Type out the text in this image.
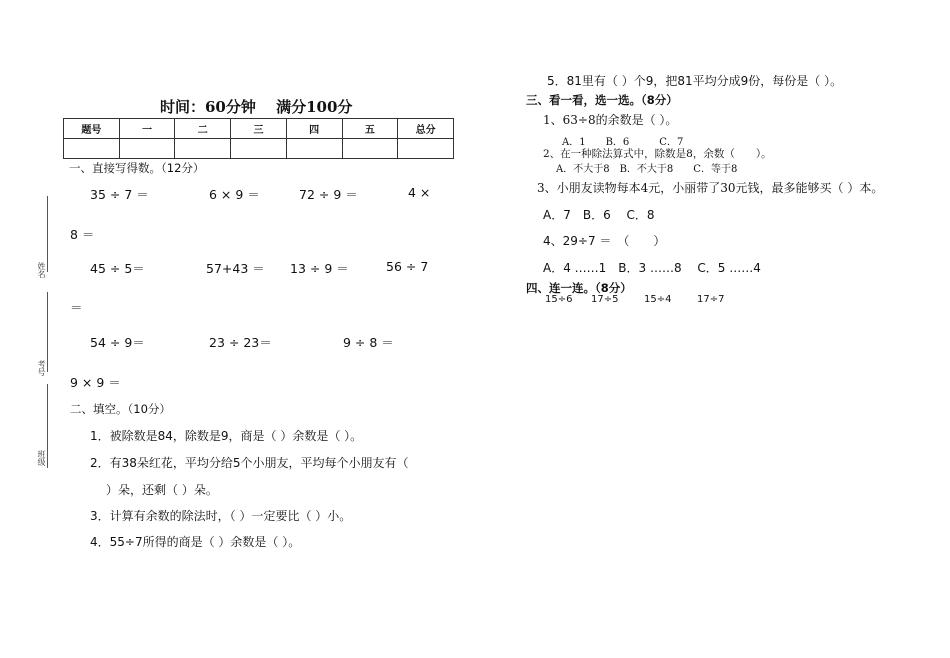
姓名
考号
班级
时间：60分钟　 满分100分
题号	一	二	三	四	五	总分

一、直接写得数。（12分）
35 ÷ 7 ＝	6 × 9 ＝	72 ÷ 9 ＝	4 ×
8 ＝
45 ÷ 5＝	57+43 ＝ 13 ÷ 9 ＝	56 ÷ 7
＝
54 ÷ 9＝	23 ÷ 23＝	9 ÷ 8 ＝
9 × 9 ＝
二、填空。（10分）
1．被除数是84，除数是9，商是（ ）余数是（ ）。
2．有38朵红花，平均分给5个小朋友，平均每个小朋友有（
）朵，还剩（ ）朵。
3．计算有余数的除法时，（ ）一定要比（ ）小。
4．55÷7所得的商是（ ）余数是（ ）。
5．81里有（ ）个9，把81平均分成9份，每份是（ ）。
三、看一看，选一选。（8分）
1、63÷8的余数是（ ）。
A．1　　B．6　　　C．7
2、在一种除法算式中，除数是8，余数（　　）。
A．不大于8　B．不大于8　　C．等于8
3、小朋友读物每本4元，小丽带了30元钱，最多能够买（ ）本。
A．7　B．6　 C．8
4、29÷7 ＝　（　　）
A．4 ……1　B．3 ……8　 C．5 ……4
四、连一连。（8分）
15÷6 17÷5	15÷4	17÷7
